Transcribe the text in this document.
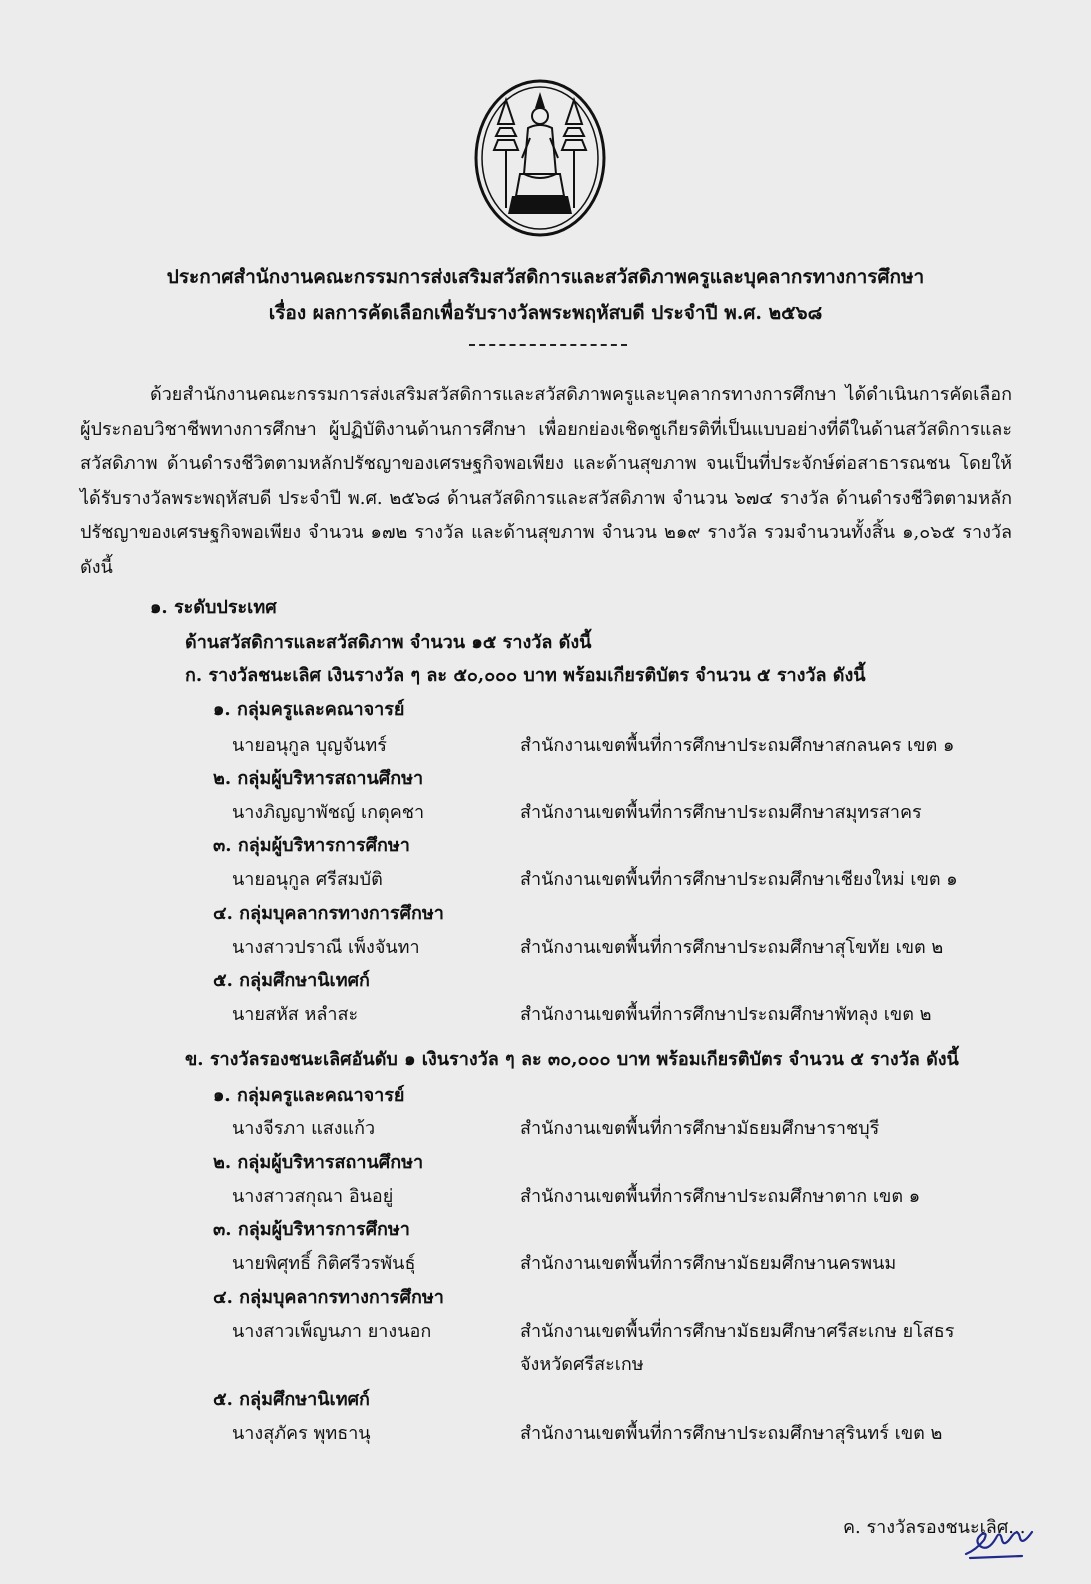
ประกาศสำนักงานคณะกรรมการส่งเสริมสวัสดิการและสวัสดิภาพครูและบุคลากรทางการศึกษา
เรื่อง ผลการคัดเลือกเพื่อรับรางวัลพระพฤหัสบดี ประจำปี พ.ศ. ๒๕๖๘
ด้วยสำนักงานคณะกรรมการส่งเสริมสวัสดิการและสวัสดิภาพครูและบุคลากรทางการศึกษา ได้ดำเนินการคัดเลือกผู้ประกอบวิชาชีพทางการศึกษา ผู้ปฏิบัติงานด้านการศึกษา เพื่อยกย่องเชิดชูเกียรติที่เป็นแบบอย่างที่ดีในด้านสวัสดิการและสวัสดิภาพ ด้านดำรงชีวิตตามหลักปรัชญาของเศรษฐกิจพอเพียง และด้านสุขภาพ จนเป็นที่ประจักษ์ต่อสาธารณชน โดยให้ได้รับรางวัลพระพฤหัสบดี ประจำปี พ.ศ. ๒๕๖๘ ด้านสวัสดิการและสวัสดิภาพ จำนวน ๖๗๔ รางวัล ด้านดำรงชีวิตตามหลักปรัชญาของเศรษฐกิจพอเพียง จำนวน ๑๗๒ รางวัล และด้านสุขภาพ จำนวน ๒๑๙ รางวัล รวมจำนวนทั้งสิ้น ๑,๐๖๕ รางวัล ดังนี้
๑. ระดับประเทศ
ด้านสวัสดิการและสวัสดิภาพ จำนวน ๑๕ รางวัล ดังนี้
ก. รางวัลชนะเลิศ เงินรางวัล ๆ ละ ๕๐,๐๐๐ บาท พร้อมเกียรติบัตร จำนวน ๕ รางวัล ดังนี้
๑. กลุ่มครูและคณาจารย์
นายอนุกูล บุญจันทร์	สำนักงานเขตพื้นที่การศึกษาประถมศึกษาสกลนคร เขต ๑
๒. กลุ่มผู้บริหารสถานศึกษา
นางภิญญาพัชญ์ เกตุคชา	สำนักงานเขตพื้นที่การศึกษาประถมศึกษาสมุทรสาคร
๓. กลุ่มผู้บริหารการศึกษา
นายอนุกูล ศรีสมบัติ	สำนักงานเขตพื้นที่การศึกษาประถมศึกษาเชียงใหม่ เขต ๑
๔. กลุ่มบุคลากรทางการศึกษา
นางสาวปราณี เพ็งจันทา	สำนักงานเขตพื้นที่การศึกษาประถมศึกษาสุโขทัย เขต ๒
๕. กลุ่มศึกษานิเทศก์
นายสหัส หลำสะ	สำนักงานเขตพื้นที่การศึกษาประถมศึกษาพัทลุง เขต ๒
ข. รางวัลรองชนะเลิศอันดับ ๑ เงินรางวัล ๆ ละ ๓๐,๐๐๐ บาท พร้อมเกียรติบัตร จำนวน ๕ รางวัล ดังนี้
๑. กลุ่มครูและคณาจารย์
นางจีรภา แสงแก้ว	สำนักงานเขตพื้นที่การศึกษามัธยมศึกษาราชบุรี
๒. กลุ่มผู้บริหารสถานศึกษา
นางสาวสกุณา อินอยู่	สำนักงานเขตพื้นที่การศึกษาประถมศึกษาตาก เขต ๑
๓. กลุ่มผู้บริหารการศึกษา
นายพิศุทธิ์ กิติศรีวรพันธุ์	สำนักงานเขตพื้นที่การศึกษามัธยมศึกษานครพนม
๔. กลุ่มบุคลากรทางการศึกษา
นางสาวเพ็ญนภา ยางนอก	สำนักงานเขตพื้นที่การศึกษามัธยมศึกษาศรีสะเกษ ยโสธร
จังหวัดศรีสะเกษ
๕. กลุ่มศึกษานิเทศก์
นางสุภัคร พุทธานุ	สำนักงานเขตพื้นที่การศึกษาประถมศึกษาสุรินทร์ เขต ๒
ค. รางวัลรองชนะเลิศ...
